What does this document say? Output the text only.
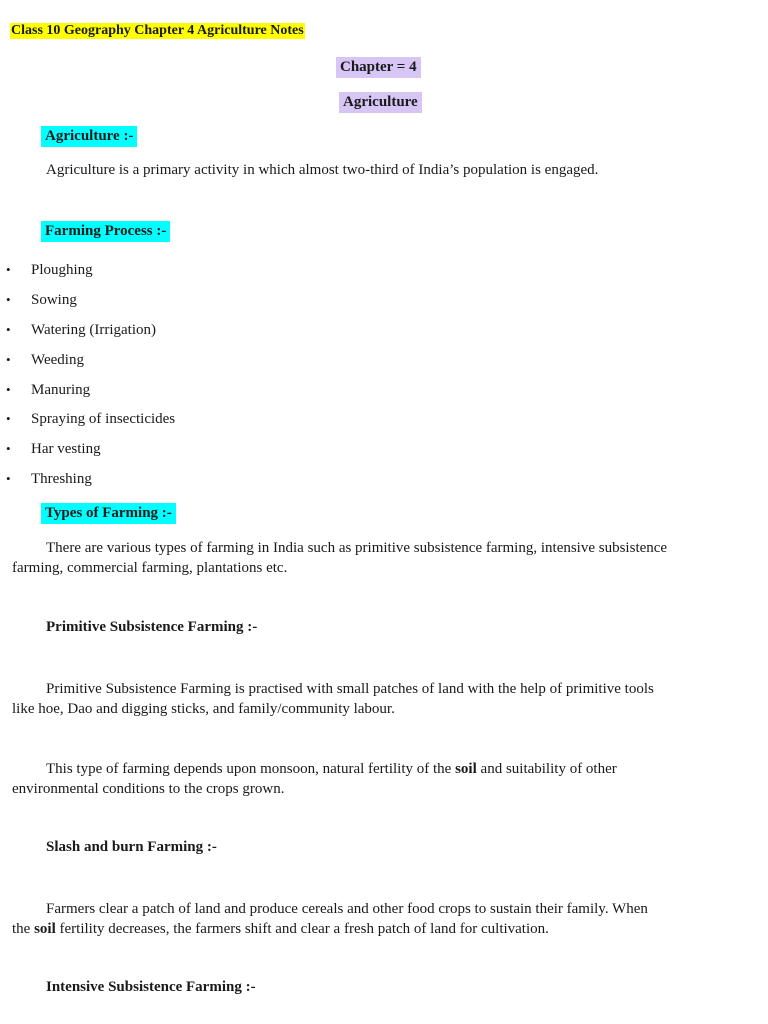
Class 10 Geography Chapter 4 Agriculture Notes
Chapter = 4
Agriculture
Agriculture :-
Agriculture is a primary activity in which almost two-third of India’s population is engaged.
Farming Process :-
• Ploughing
• Sowing
• Watering (Irrigation)
• Weeding
• Manuring
• Spraying of insecticides
• Har vesting
• Threshing
Types of Farming :-
There are various types of farming in India such as primitive subsistence farming, intensive subsistence
farming, commercial farming, plantations etc.
Primitive Subsistence Farming :-
Primitive Subsistence Farming is practised with small patches of land with the help of primitive tools
like hoe, Dao and digging sticks, and family/community labour.
This type of farming depends upon monsoon, natural fertility of the soil and suitability of other
environmental conditions to the crops grown.
Slash and burn Farming :-
Farmers clear a patch of land and produce cereals and other food crops to sustain their family. When
the soil fertility decreases, the farmers shift and clear a fresh patch of land for cultivation.
Intensive Subsistence Farming :-
